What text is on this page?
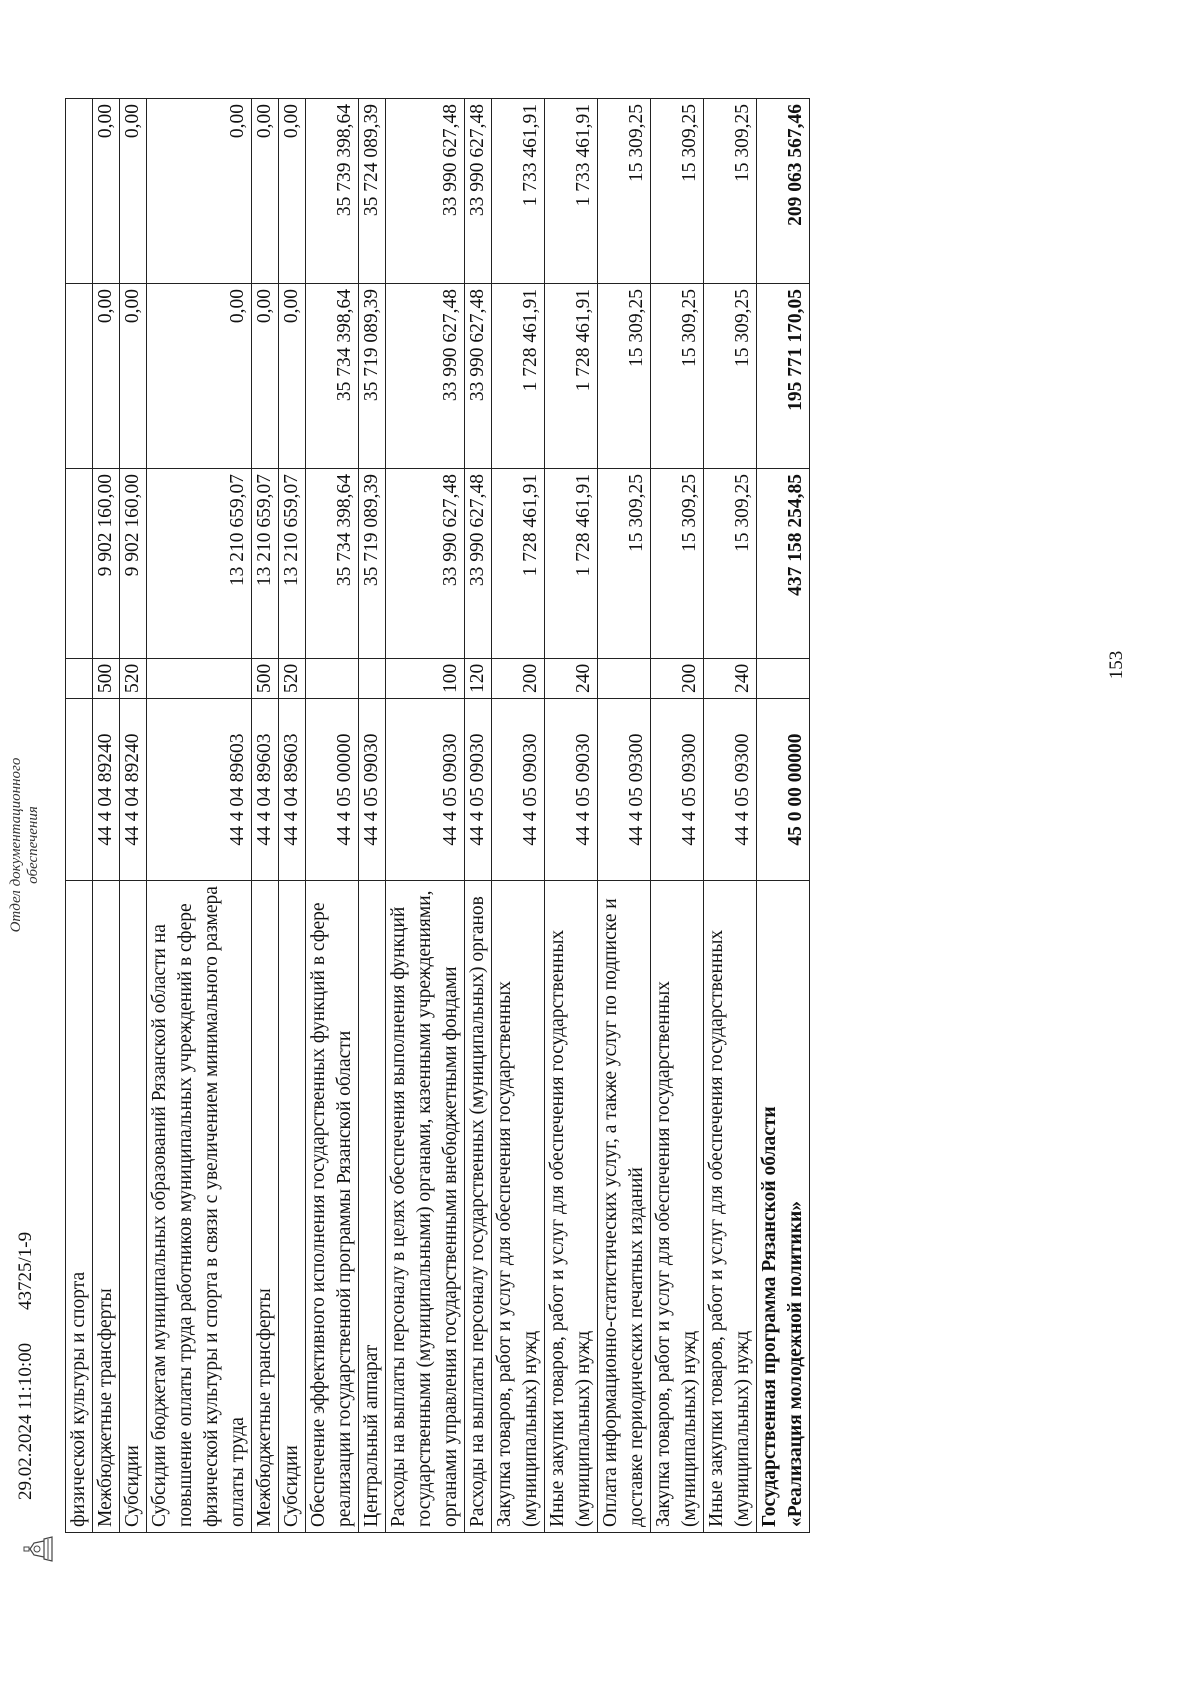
153
физической культуры и спорта					
Межбюджетные трансферты	44 4 04 89240	500	9 902 160,00	0,00	0,00
Субсидии	44 4 04 89240	520	9 902 160,00	0,00	0,00
Субсидии бюджетам муниципальных образований Рязанской области на повышение оплаты труда работников муниципальных учреждений в сфере физической культуры и спорта в связи с увеличением минимального размера оплаты труда	44 4 04 89603		13 210 659,07	0,00	0,00
Межбюджетные трансферты	44 4 04 89603	500	13 210 659,07	0,00	0,00
Субсидии	44 4 04 89603	520	13 210 659,07	0,00	0,00
Обеспечение эффективного исполнения государственных функций в сфере реализации государственной программы Рязанской области	44 4 05 00000		35 734 398,64	35 734 398,64	35 739 398,64
Центральный аппарат	44 4 05 09030		35 719 089,39	35 719 089,39	35 724 089,39
Расходы на выплаты персоналу в целях обеспечения выполнения функций государственными (муниципальными) органами, казенными учреждениями, органами управления государственными внебюджетными фондами	44 4 05 09030	100	33 990 627,48	33 990 627,48	33 990 627,48
Расходы на выплаты персоналу государственных (муниципальных) органов	44 4 05 09030	120	33 990 627,48	33 990 627,48	33 990 627,48
Закупка товаров, работ и услуг для обеспечения государственных (муниципальных) нужд	44 4 05 09030	200	1 728 461,91	1 728 461,91	1 733 461,91
Иные закупки товаров, работ и услуг для обеспечения государственных (муниципальных) нужд	44 4 05 09030	240	1 728 461,91	1 728 461,91	1 733 461,91
Оплата информационно-статистических услуг, а также услуг по подписке и доставке периодических печатных изданий	44 4 05 09300		15 309,25	15 309,25	15 309,25
Закупка товаров, работ и услуг для обеспечения государственных (муниципальных) нужд	44 4 05 09300	200	15 309,25	15 309,25	15 309,25
Иные закупки товаров, работ и услуг для обеспечения государственных (муниципальных) нужд	44 4 05 09300	240	15 309,25	15 309,25	15 309,25

Государственная программа Рязанской области «Реализация молодежной политики»	45 0 00 00000		437 158 254,85	195 771 170,05	209 063 567,46
29.02.2024 11:10:00
43725/1-9
Отдел документационного обеспечения
